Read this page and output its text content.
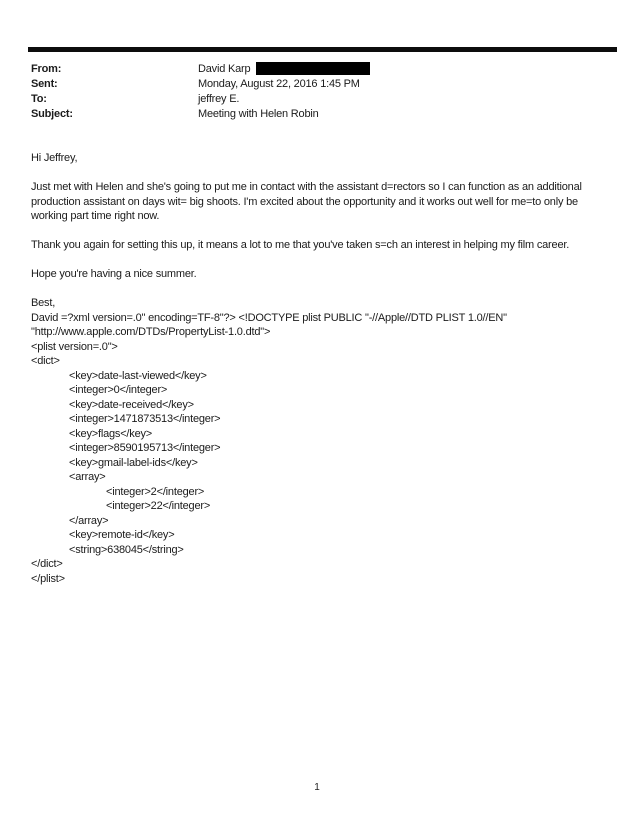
From:	David Karp
Sent:	Monday, August 22, 2016 1:45 PM
To:	jeffrey E.
Subject:	Meeting with Helen Robin

Hi Jeffrey,

Just met with Helen and she's going to put me in contact with the assistant d=rectors so I can function as an additional production assistant on days wit= big shoots. I'm excited about the opportunity and it works out well for me=to only be working part time right now.

Thank you again for setting this up, it means a lot to me that you've taken s=ch an interest in helping my film career.

Hope you're having a nice summer.

Best,

David =?xml version=.0" encoding=TF-8"?> <!DOCTYPE plist PUBLIC "-//Apple//DTD PLIST 1.0//EN"
"http://www.apple.com/DTDs/PropertyList-1.0.dtd">
<plist version=.0">
<dict>
<key>date-last-viewed</key>
<integer>0</integer>
<key>date-received</key>
<integer>1471873513</integer>
<key>flags</key>
<integer>8590195713</integer>
<key>gmail-label-ids</key>
<array>
<integer>2</integer>
<integer>22</integer>
</array>
<key>remote-id</key>
<string>638045</string>
</dict>
</plist>
1
